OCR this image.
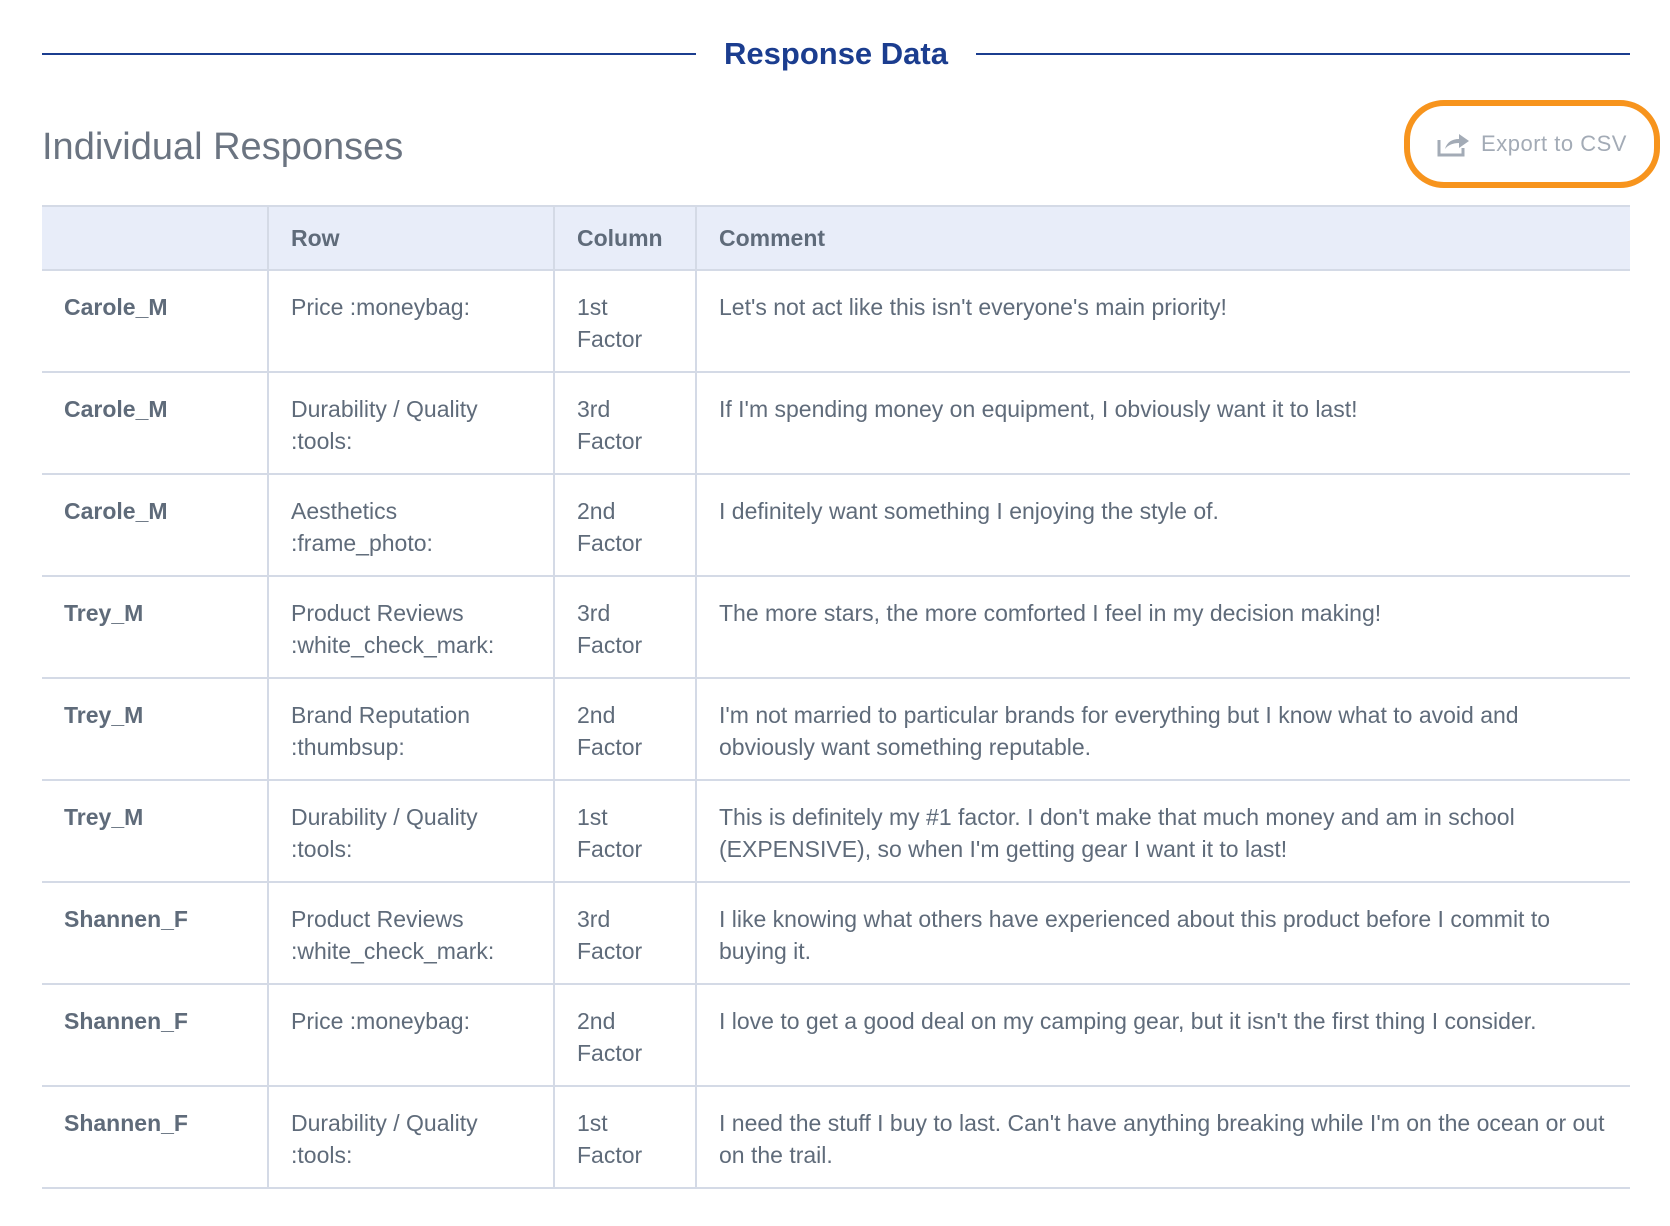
Response Data
Individual Responses	Export to CSV
	Row	Column	Comment
Carole_M	Price :moneybag:	1st Factor	Let's not act like this isn't everyone's main priority!
Carole_M	Durability / Quality :tools:	3rd Factor	If I'm spending money on equipment, I obviously want it to last!
Carole_M	Aesthetics :frame_photo:	2nd Factor	I definitely want something I enjoying the style of.
Trey_M	Product Reviews :white_check_mark:	3rd Factor	The more stars, the more comforted I feel in my decision making!
Trey_M	Brand Reputation :thumbsup:	2nd Factor	I'm not married to particular brands for everything but I know what to avoid and obviously want something reputable.
Trey_M	Durability / Quality :tools:	1st Factor	This is definitely my #1 factor. I don't make that much money and am in school (EXPENSIVE), so when I'm getting gear I want it to last!
Shannen_F	Product Reviews :white_check_mark:	3rd Factor	I like knowing what others have experienced about this product before I commit to buying it.
Shannen_F	Price :moneybag:	2nd Factor	I love to get a good deal on my camping gear, but it isn't the first thing I consider.
Shannen_F	Durability / Quality :tools:	1st Factor	I need the stuff I buy to last. Can't have anything breaking while I'm on the ocean or out on the trail.
